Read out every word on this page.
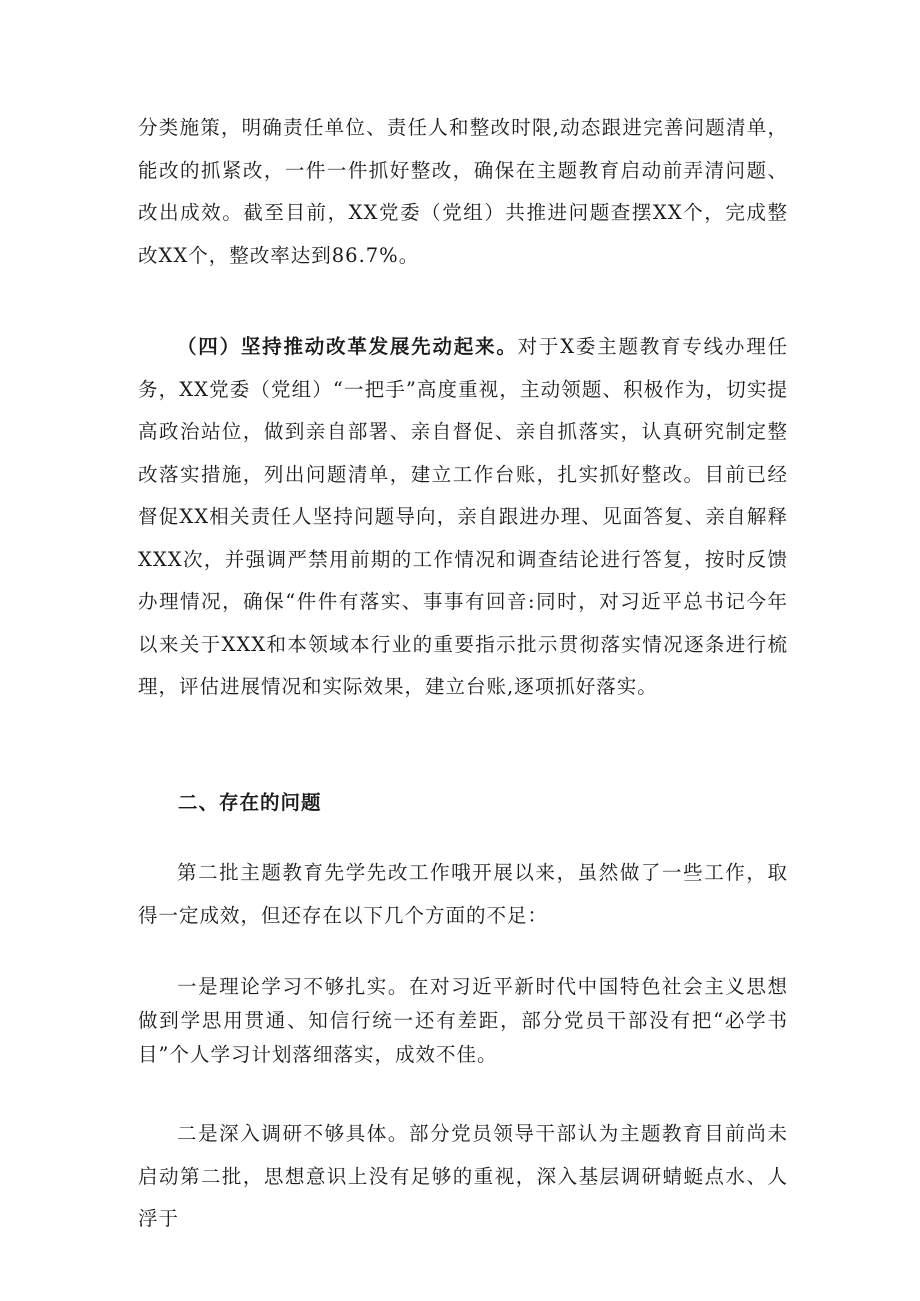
分类施策，明确责任单位、责任人和整改时限,动态跟进完善问题清单，能改的抓紧改，一件一件抓好整改，确保在主题教育启动前弄清问题、改出成效。截至目前，XX党委（党组）共推进问题查摆XX个，完成整改XX个，整改率达到86.7%。

（四）坚持推动改革发展先动起来。对于X委主题教育专线办理任务，XX党委（党组）“一把手”高度重视，主动领题、积极作为，切实提高政治站位，做到亲自部署、亲自督促、亲自抓落实，认真研究制定整改落实措施，列出问题清单，建立工作台账，扎实抓好整改。目前已经督促XX相关责任人坚持问题导向，亲自跟进办理、见面答复、亲自解释XXX次，并强调严禁用前期的工作情况和调查结论进行答复，按时反馈办理情况，确保“件件有落实、事事有回音:同时，对习近平总书记今年以来关于XXX和本领域本行业的重要指示批示贯彻落实情况逐条进行梳理，评估进展情况和实际效果，建立台账,逐项抓好落实。

二、存在的问题

第二批主题教育先学先改工作哦开展以来，虽然做了一些工作，取得一定成效，但还存在以下几个方面的不足：

一是理论学习不够扎实。在对习近平新时代中国特色社会主义思想做到学思用贯通、知信行统一还有差距，部分党员干部没有把“必学书目”个人学习计划落细落实，成效不佳。

二是深入调研不够具体。部分党员领导干部认为主题教育目前尚未启动第二批，思想意识上没有足够的重视，深入基层调研蜻蜓点水、人浮于
